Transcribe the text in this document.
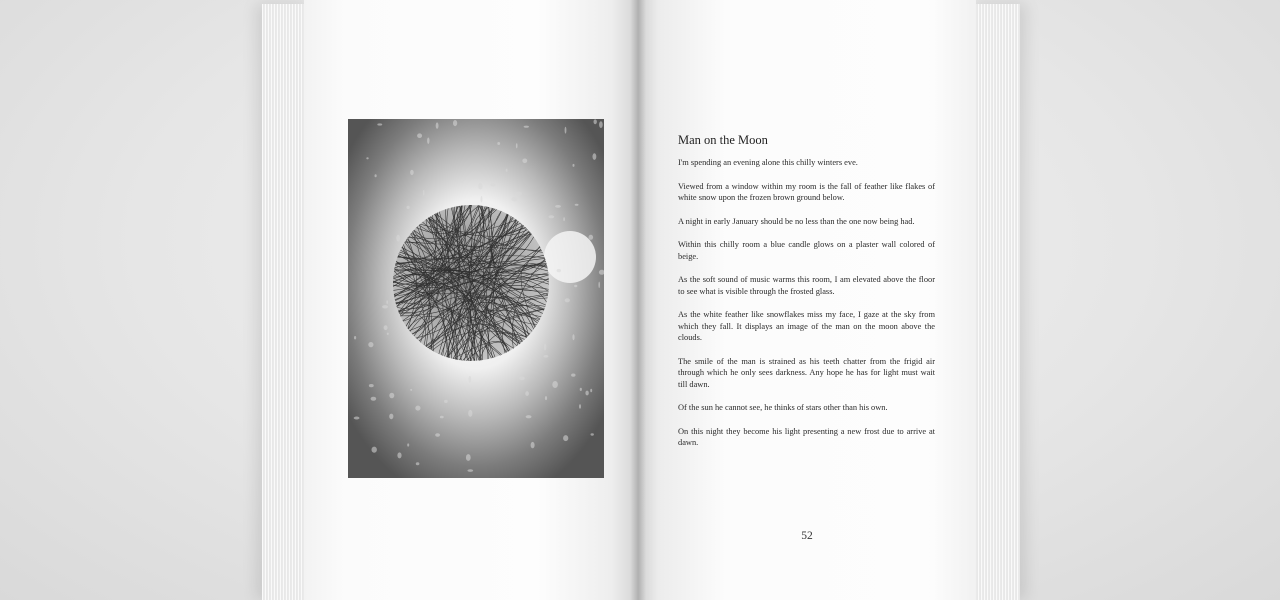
Man on the Moon

I'm spending an evening alone this chilly winters eve.

Viewed from a window within my room is the fall of feather like flakes of white snow upon the frozen brown ground below.

A night in early January should be no less than the one now being had.

Within this chilly room a blue candle glows on a plaster wall colored of beige.

As the soft sound of music warms this room, I am elevated above the floor to see what is visible through the frosted glass.

As the white feather like snowflakes miss my face, I gaze at the sky from which they fall. It displays an image of the man on the moon above the clouds.

The smile of the man is strained as his teeth chatter from the frigid air through which he only sees darkness. Any hope he has for light must wait till dawn.

Of the sun he cannot see, he thinks of stars other than his own.

On this night they become his light presenting a new frost due to arrive at dawn.

52
